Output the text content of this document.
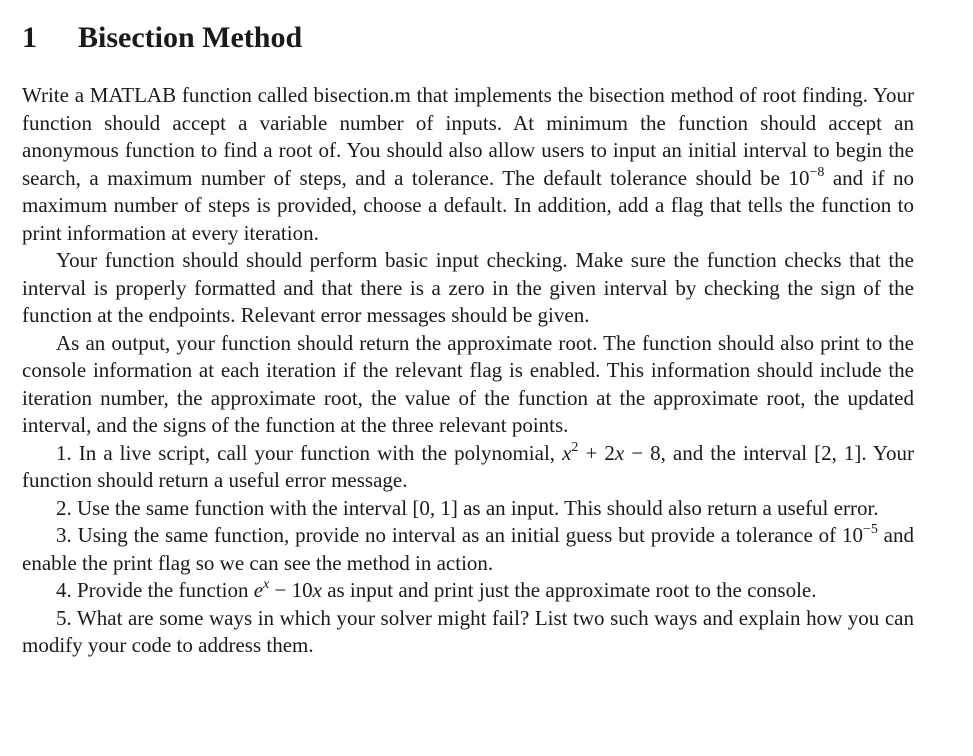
1 Bisection Method

Write a MATLAB function called bisection.m that implements the bisection method of root finding. Your function should accept a variable number of inputs. At minimum the function should accept an anonymous function to find a root of. You should also allow users to input an initial interval to begin the search, a maximum number of steps, and a tolerance. The default tolerance should be $10^{-8}$ and if no maximum number of steps is provided, choose a default. In addition, add a flag that tells the function to print information at every iteration.

Your function should should perform basic input checking. Make sure the function checks that the interval is properly formatted and that there is a zero in the given interval by checking the sign of the function at the endpoints. Relevant error messages should be given.

As an output, your function should return the approximate root. The function should also print to the console information at each iteration if the relevant flag is enabled. This information should include the iteration number, the approximate root, the value of the function at the approximate root, the updated interval, and the signs of the function at the three relevant points.

1. In a live script, call your function with the polynomial, $x^2 + 2x - 8$, and the interval [2, 1]. Your function should return a useful error message.

2. Use the same function with the interval [0, 1] as an input. This should also return a useful error.

3. Using the same function, provide no interval as an initial guess but provide a tolerance of $10^{-5}$ and enable the print flag so we can see the method in action.

4. Provide the function $e^x - 10x$ as input and print just the approximate root to the console.

5. What are some ways in which your solver might fail? List two such ways and explain how you can modify your code to address them.
